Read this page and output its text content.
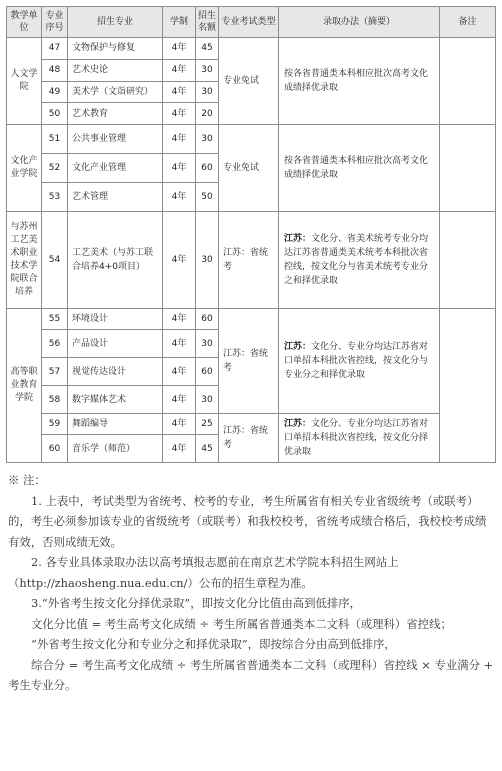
教学单位	专业序号	招生专业	学制	招生名额	专业考试类型	录取办法（摘要）	备注
人文学院	47	文物保护与修复	4年	45	专业免试	按各省普通类本科相应批次高考文化成绩择优录取	
	48	艺术史论	4年	30			
	49	美术学（文诣研究）	4年	30			
	50	艺术教育	4年	20			
文化产业学院	51	公共事业管理	4年	30	专业免试	按各省普通类本科相应批次高考文化成绩择优录取	
	52	文化产业管理	4年	60			
	53	艺术管理	4年	50			
与苏州工艺美术职业技术学院联合培养	54	工艺美术（与苏工联合培养4+0项目）	4年	30	江苏：省统考	江苏：文化分、省美术统考专业分均达江苏省普通类美术统考本科批次省控线，按文化分与省美术统考专业分之和择优录取	
高等职业教育学院	55	环境设计	4年	60	江苏：省统考	江苏：文化分、专业分均达江苏省对口单招本科批次省控线，按文化分与专业分之和择优录取	
	56	产品设计	4年	30			
	57	视觉传达设计	4年	60			
	58	数字媒体艺术	4年	30			
	59	舞蹈编导	4年	25	江苏：省统考	江苏：文化分、专业分均达江苏省对口单招本科批次省控线，按文化分择优录取	
	60	音乐学（师范）	4年	45			

※ 注：

1. 上表中，考试类型为省统考、校考的专业，考生所属省有相关专业省级统考（或联考）的，考生必须参加该专业的省级统考（或联考）和我校校考，省统考成绩合格后，我校校考成绩有效，否则成绩无效。

2. 各专业具体录取办法以高考填报志愿前在南京艺术学院本科招生网站上（http://zhaosheng.nua.edu.cn/）公布的招生章程为准。

3.“外省考生按文化分择优录取”，即按文化分比值由高到低排序，

文化分比值 = 考生高考文化成绩 ÷ 考生所属省普通类本二文科（或理科）省控线；

“外省考生按文化分和专业分之和择优录取”，即按综合分由高到低排序，

综合分 = 考生高考文化成绩 ÷ 考生所属省普通类本二文科（或理科）省控线 × 专业满分 + 考生专业分。
